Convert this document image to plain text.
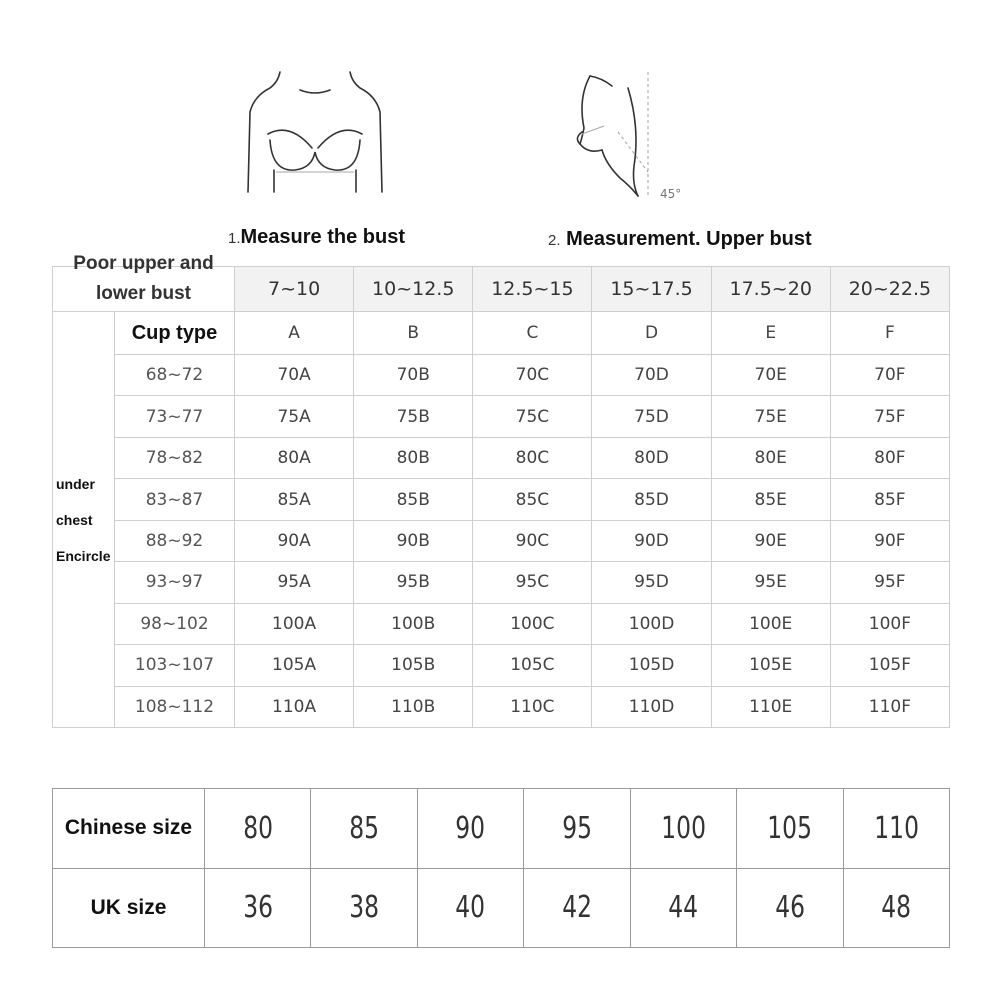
45°
1.Measure the bust	2. Measurement. Upper bust
Poor upper and
lower bust		7~10	10~12.5	12.5~15	15~17.5	17.5~20	20~22.5

under
chest
Encircle	Cup type	A	B	C	D	E	F
	68~72	70A	70B	70C	70D	70E	70F
	73~77	75A	75B	75C	75D	75E	75F
	78~82	80A	80B	80C	80D	80E	80F
	83~87	85A	85B	85C	85D	85E	85F
	88~92	90A	90B	90C	90D	90E	90F
	93~97	95A	95B	95C	95D	95E	95F
	98~102	100A	100B	100C	100D	100E	100F
	103~107	105A	105B	105C	105D	105E	105F
	108~112	110A	110B	110C	110D	110E	110F
Chinese size	80	85	90	95	100	105	110
UK size	36	38	40	42	44	46	48
